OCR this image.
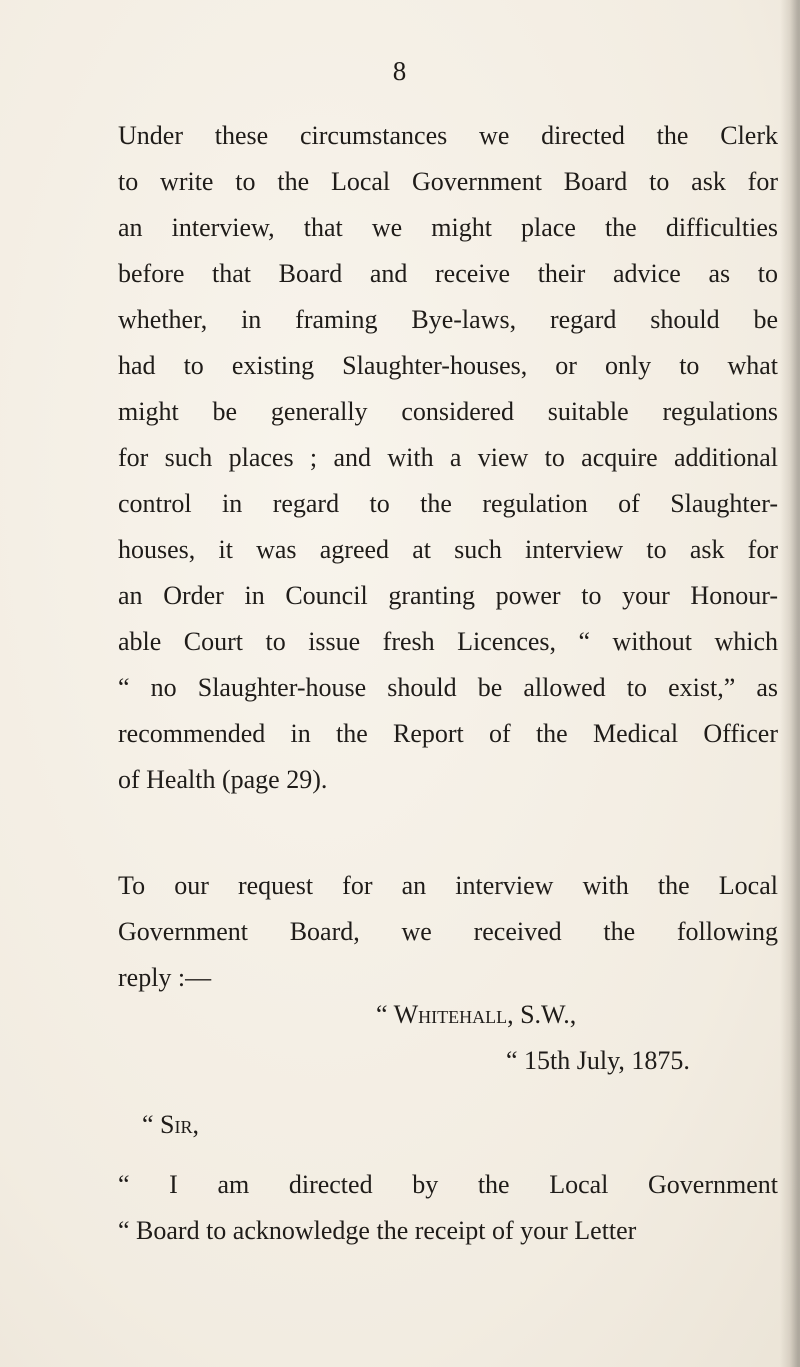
8

Under these circumstances we directed the Clerk
to write to the Local Government Board to ask for
an interview, that we might place the difficulties
before that Board and receive their advice as to
whether, in framing Bye-laws, regard should be
had to existing Slaughter-houses, or only to what
might be generally considered suitable regulations
for such places ; and with a view to acquire additional
control in regard to the regulation of Slaughter-
houses, it was agreed at such interview to ask for
an Order in Council granting power to your Honour-
able Court to issue fresh Licences, “ without which
“ no Slaughter-house should be allowed to exist,” as
recommended in the Report of the Medical Officer
of Health (page 29).

To our request for an interview with the Local
Government Board, we received the following
reply :—

“ Whitehall, S.W.,
“ 15th July, 1875.
“ Sir,

“ I am directed by the Local Government
“ Board to acknowledge the receipt of your Letter
